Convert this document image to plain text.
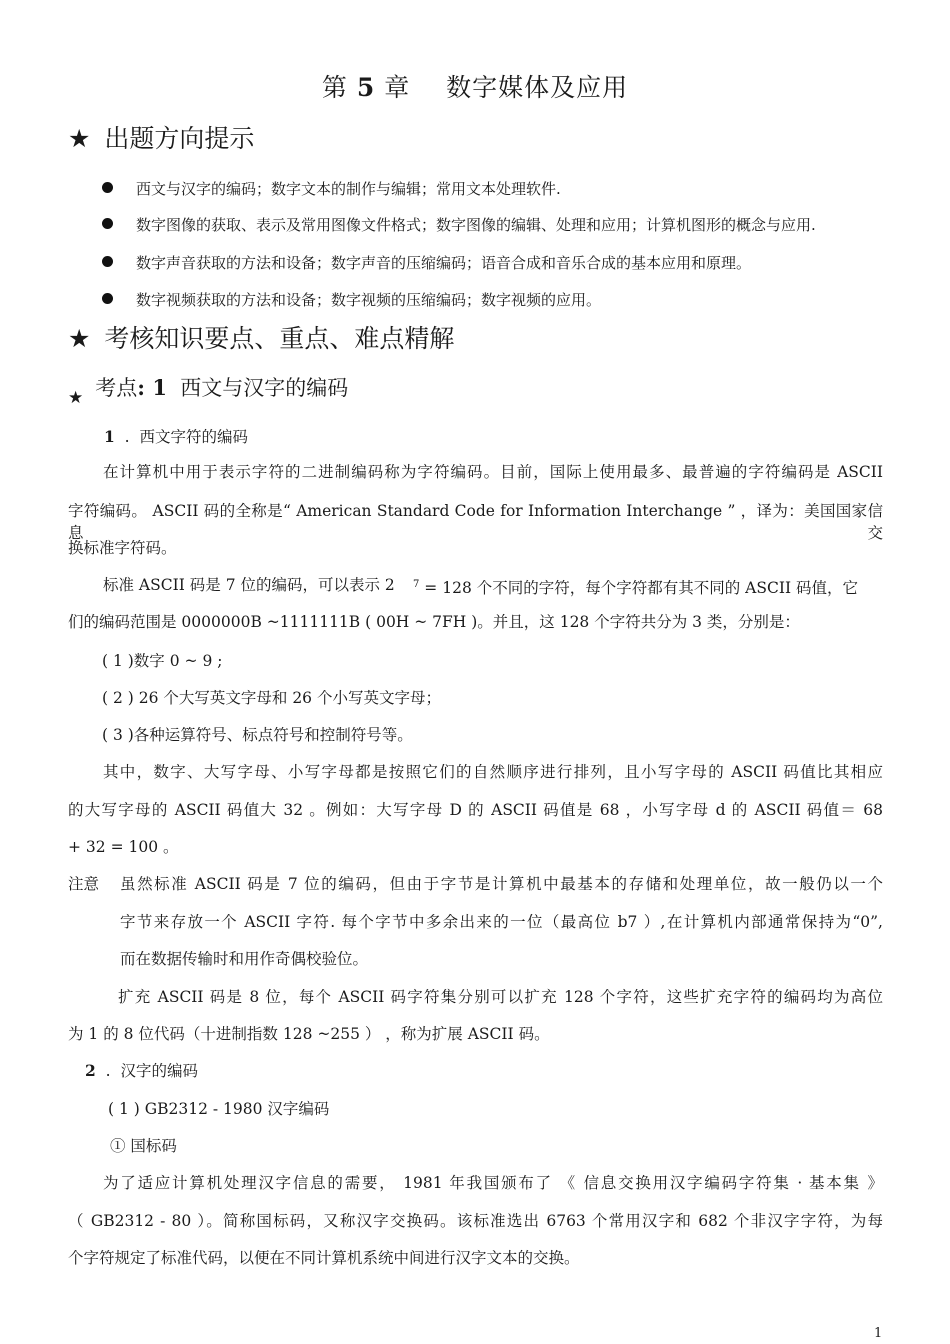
第 5 章 数字媒体及应用
★ 出题方向提示
西文与汉字的编码；数字文本的制作与编辑；常用文本处理软件.
数字图像的获取、表示及常用图像文件格式；数字图像的编辑、处理和应用；计算机图形的概念与应用.
数字声音获取的方法和设备；数字声音的压缩编码；语音合成和音乐合成的基本应用和原理。
数字视频获取的方法和设备；数字视频的压缩编码；数字视频的应用。
★ 考核知识要点、重点、难点精解
$_★$ 考点: 1 西文与汉字的编码
1 . 西文字符的编码
在计算机中用于表示字符的二进制编码称为字符编码。目前，国际上使用最多、最普遍的字符编码是 ASCII
字符编码。 ASCII 码的全称是“ American Standard Code for Information Interchange ” ，译为：美国国家信息交
换标准字符码。
标准 ASCII 码是 7 位的编码，可以表示 2 $^7$ = 128 个不同的字符，每个字符都有其不同的 ASCII 码值，它
们的编码范围是 0000000B ~1111111B ( 00H ~ 7FH )。并且，这 128 个字符共分为 3 类，分别是：
( 1 )数字 0 ~ 9 ;
( 2 ) 26 个大写英文字母和 26 个小写英文字母；
( 3 )各种运算符号、标点符号和控制符号等。
其中，数字、大写字母、小写字母都是按照它们的自然顺序进行排列，且小写字母的 ASCII 码值比其相应
的大写字母的 ASCII 码值大 32 。例如：大写字母 D 的 ASCII 码值是 68 ，小写字母 d 的 ASCII 码值＝ 68
+ 32 = 100 。
注意 虽然标准 ASCII 码是 7 位的编码，但由于字节是计算机中最基本的存储和处理单位，故一般仍以一个
字节来存放一个 ASCII 字符. 每个字节中多余出来的一位（最高位 b7 ）,在计算机内部通常保持为“0”,
而在数据传输时和用作奇偶校验位。
扩充 ASCII 码是 8 位，每个 ASCII 码字符集分别可以扩充 128 个字符，这些扩充字符的编码均为高位
为 1 的 8 位代码（十进制指数 128 ~255 ） ，称为扩展 ASCII 码。
2 . 汉字的编码
( 1 ) GB2312 - 1980 汉字编码
① 国标码
为了适应计算机处理汉字信息的需要， 1981 年我国颁布了 《 信息交换用汉字编码字符集 · 基本集 》
（ GB2312 - 80 ）。简称国标码，又称汉字交换码。该标准选出 6763 个常用汉字和 682 个非汉字字符，为每
个字符规定了标准代码，以便在不同计算机系统中间进行汉字文本的交换。
1
